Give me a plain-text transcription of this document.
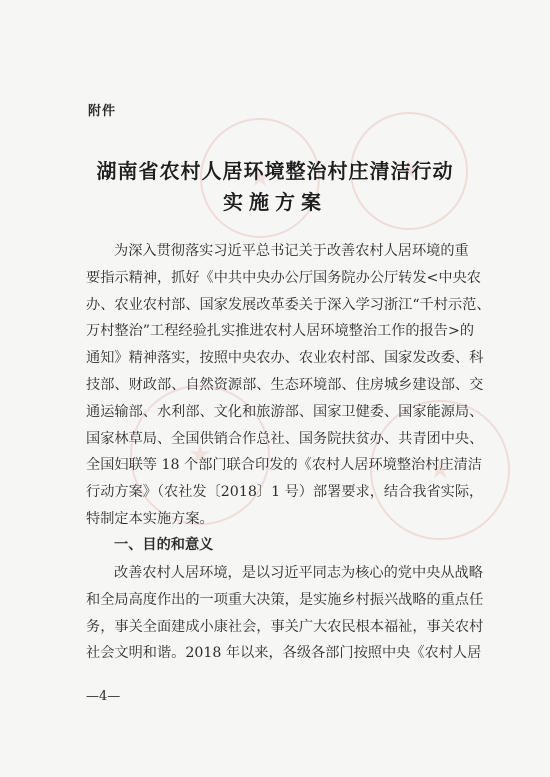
★
★
★
★
附件
湖南省农村人居环境整治村庄清洁行动
实施方案
为深入贯彻落实习近平总书记关于改善农村人居环境的重
要指示精神，抓好《中共中央办公厅国务院办公厅转发<中央农
办、农业农村部、国家发展改革委关于深入学习浙江“千村示范、
万村整治”工程经验扎实推进农村人居环境整治工作的报告>的
通知》精神落实，按照中央农办、农业农村部、国家发改委、科
技部、财政部、自然资源部、生态环境部、住房城乡建设部、交
通运输部、水利部、文化和旅游部、国家卫健委、国家能源局、
国家林草局、全国供销合作总社、国务院扶贫办、共青团中央、
全国妇联等 18 个部门联合印发的《农村人居环境整治村庄清洁
行动方案》（农社发〔2018〕1 号）部署要求，结合我省实际，
特制定本实施方案。
一、目的和意义
改善农村人居环境，是以习近平同志为核心的党中央从战略
和全局高度作出的一项重大决策，是实施乡村振兴战略的重点任
务，事关全面建成小康社会，事关广大农民根本福祉，事关农村
社会文明和谐。2018 年以来，各级各部门按照中央《农村人居
—4—
